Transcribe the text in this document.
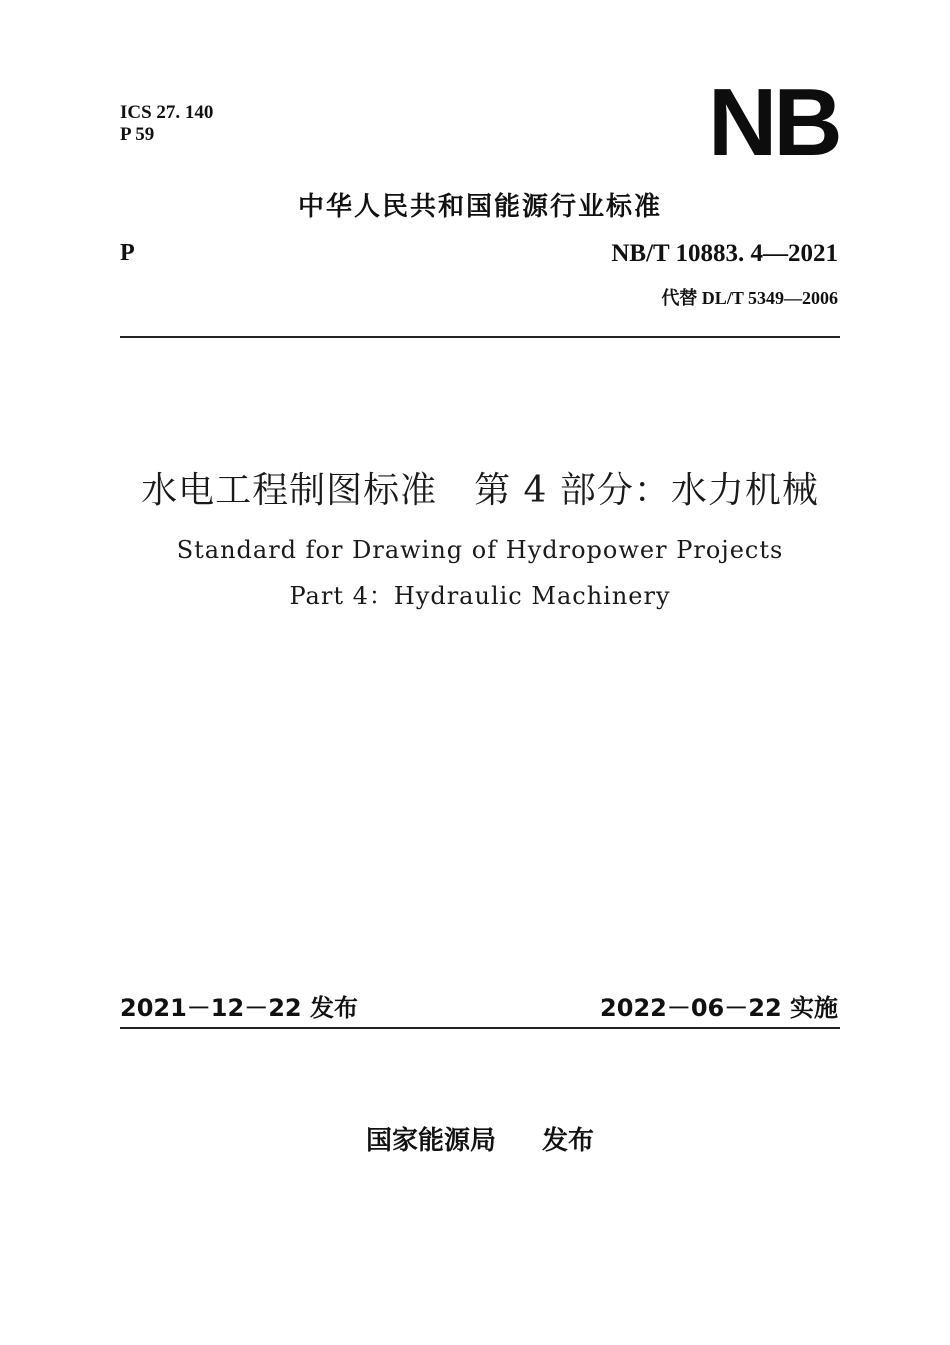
ICS 27. 140
P 59	NB
中华人民共和国能源行业标准
P	NB/T 10883. 4—2021
代替 DL/T 5349—2006
水电工程制图标准　第 4 部分：水力机械
Standard for Drawing of Hydropower Projects
Part 4：Hydraulic Machinery
2021－12－22 发布	2022－06－22 实施
国家能源局 发布
